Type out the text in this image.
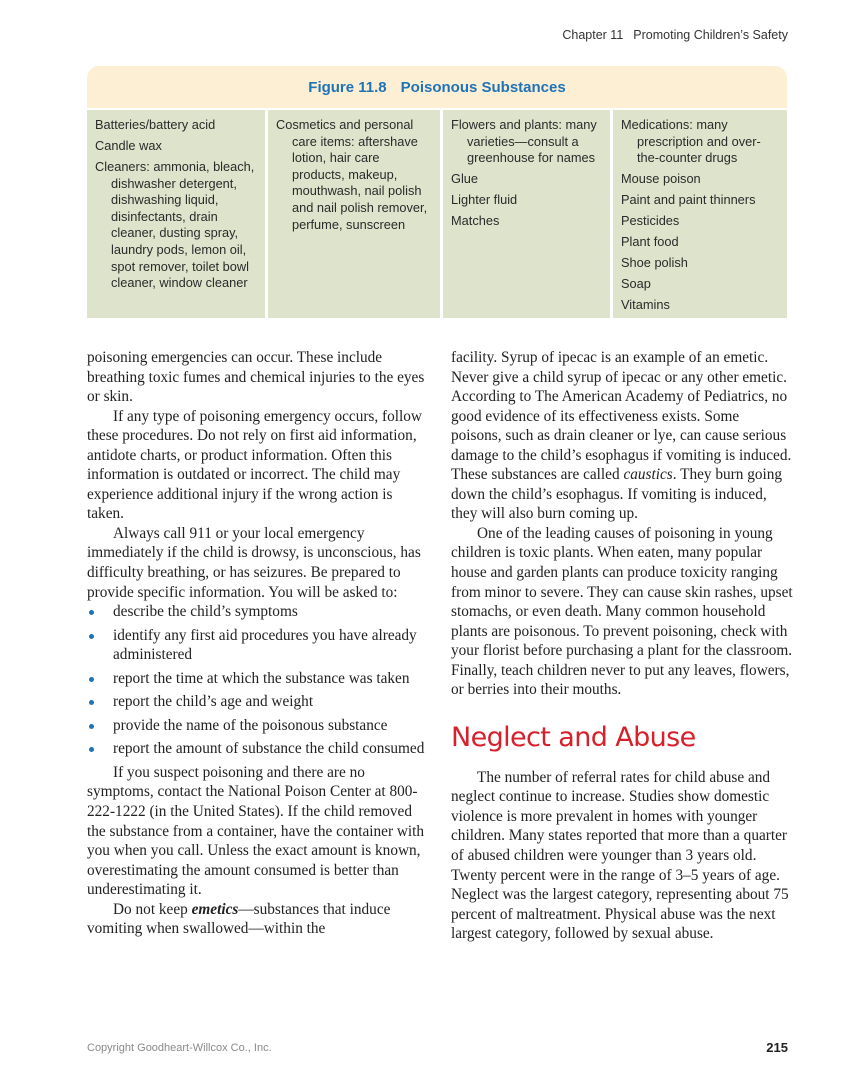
Chapter 11 Promoting Children’s Safety
Figure 11.8 Poisonous Substances
Batteries/battery acid
Candle wax
Cleaners: ammonia, bleach, dishwasher detergent, dishwashing liquid, disinfectants, drain cleaner, dusting spray, laundry pods, lemon oil, spot remover, toilet bowl cleaner, window cleaner
Cosmetics and personal care items: aftershave lotion, hair care products, makeup, mouthwash, nail polish and nail polish remover, perfume, sunscreen
Flowers and plants: many varieties—consult a greenhouse for names
Glue
Lighter fluid
Matches
Medications: many prescription and over-the-counter drugs
Mouse poison
Paint and paint thinners
Pesticides
Plant food
Shoe polish
Soap
Vitamins

poisoning emergencies can occur. These include breathing toxic fumes and chemical injuries to the eyes or skin.

If any type of poisoning emergency occurs, follow these procedures. Do not rely on first aid information, antidote charts, or product information. Often this information is outdated or incorrect. The child may experience additional injury if the wrong action is taken.

Always call 911 or your local emergency immediately if the child is drowsy, is unconscious, has difficulty breathing, or has seizures. Be prepared to provide specific information. You will be asked to:

describe the child’s symptoms
identify any first aid procedures you have already administered
report the time at which the substance was taken
report the child’s age and weight
provide the name of the poisonous substance
report the amount of substance the child consumed

If you suspect poisoning and there are no symptoms, contact the National Poison Center at 800-222-1222 (in the United States). If the child removed the substance from a container, have the container with you when you call. Unless the exact amount is known, overestimating the amount consumed is better than underestimating it.

Do not keep emetics—substances that induce vomiting when swallowed—within the

facility. Syrup of ipecac is an example of an emetic. Never give a child syrup of ipecac or any other emetic. According to The American Academy of Pediatrics, no good evidence of its effectiveness exists. Some poisons, such as drain cleaner or lye, can cause serious damage to the child’s esophagus if vomiting is induced. These substances are called caustics. They burn going down the child’s esophagus. If vomiting is induced, they will also burn coming up.

One of the leading causes of poisoning in young children is toxic plants. When eaten, many popular house and garden plants can produce toxicity ranging from minor to severe. They can cause skin rashes, upset stomachs, or even death. Many common household plants are poisonous. To prevent poisoning, check with your florist before purchasing a plant for the classroom. Finally, teach children never to put any leaves, flowers, or berries into their mouths.

Neglect and Abuse

The number of referral rates for child abuse and neglect continue to increase. Studies show domestic violence is more prevalent in homes with younger children. Many states reported that more than a quarter of abused children were younger than 3 years old. Twenty percent were in the range of 3–5 years of age. Neglect was the largest category, representing about 75 percent of maltreatment. Physical abuse was the next largest category, followed by sexual abuse.

Copyright Goodheart-Willcox Co., Inc.	215
